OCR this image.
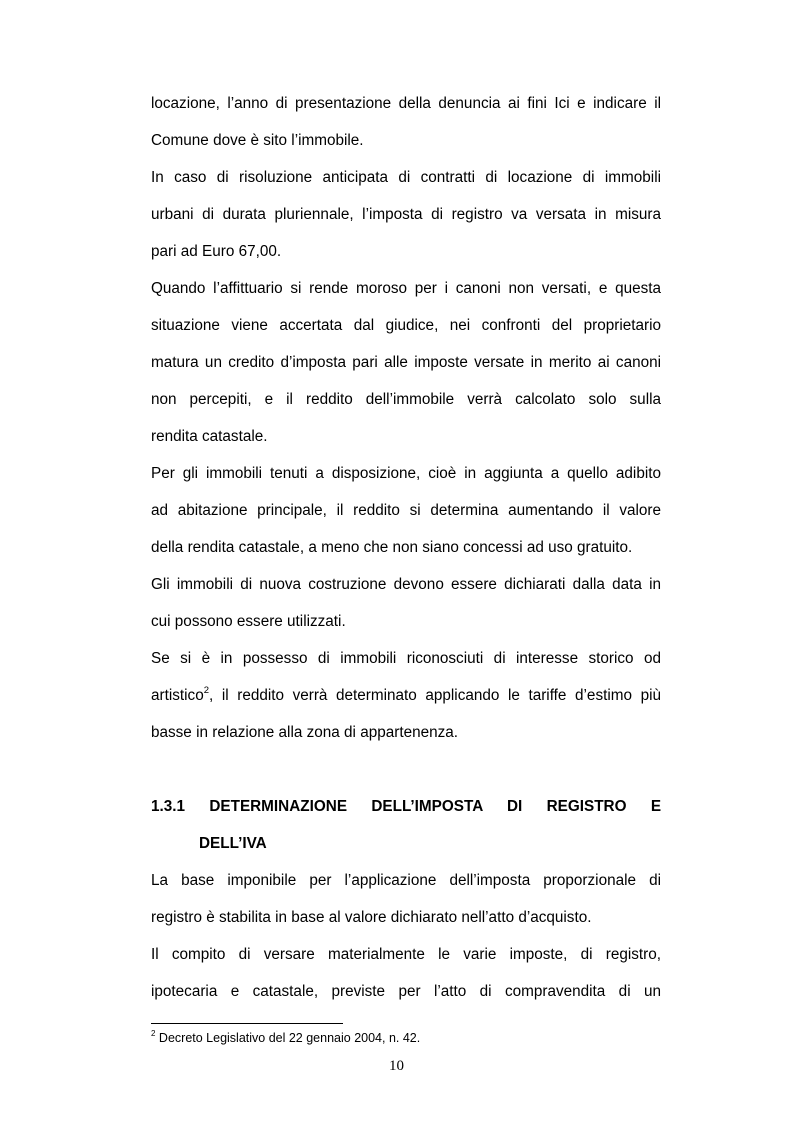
locazione, l’anno di presentazione della denuncia ai fini Ici e indicare il
Comune dove è sito l’immobile.
In caso di risoluzione anticipata di contratti di locazione di immobili
urbani di durata pluriennale, l’imposta di registro va versata in misura
pari ad Euro 67,00.
Quando l’affittuario si rende moroso per i canoni non versati, e questa
situazione viene accertata dal giudice, nei confronti del proprietario
matura un credito d’imposta pari alle imposte versate in merito ai canoni
non percepiti, e il reddito dell’immobile verrà calcolato solo sulla
rendita catastale.
Per gli immobili tenuti a disposizione, cioè in aggiunta a quello adibito
ad abitazione principale, il reddito si determina aumentando il valore
della rendita catastale, a meno che non siano concessi ad uso gratuito.
Gli immobili di nuova costruzione devono essere dichiarati dalla data in
cui possono essere utilizzati.
Se si è in possesso di immobili riconosciuti di interesse storico od
artistico$^2$, il reddito verrà determinato applicando le tariffe d’estimo più
basse in relazione alla zona di appartenenza.
1.3.1 DETERMINAZIONE DELL’IMPOSTA DI REGISTRO E
DELL’IVA
La base imponibile per l’applicazione dell’imposta proporzionale di
registro è stabilita in base al valore dichiarato nell’atto d’acquisto.
Il compito di versare materialmente le varie imposte, di registro,
ipotecaria e catastale, previste per l’atto di compravendita di un
$^2$ Decreto Legislativo del 22 gennaio 2004, n. 42.
10
